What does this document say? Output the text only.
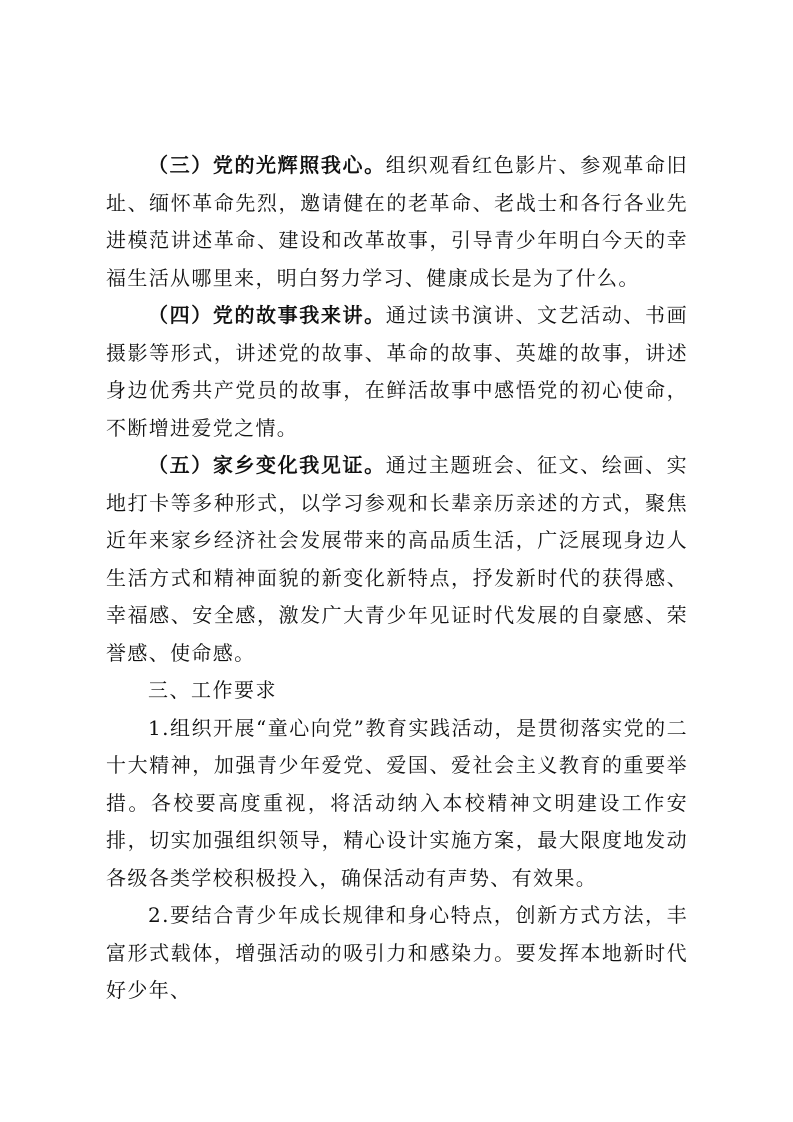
（三）党的光辉照我心。组织观看红色影片、参观革命旧址、缅怀革命先烈，邀请健在的老革命、老战士和各行各业先进模范讲述革命、建设和改革故事，引导青少年明白今天的幸福生活从哪里来，明白努力学习、健康成长是为了什么。

（四）党的故事我来讲。通过读书演讲、文艺活动、书画摄影等形式，讲述党的故事、革命的故事、英雄的故事，讲述身边优秀共产党员的故事，在鲜活故事中感悟党的初心使命，不断增进爱党之情。

（五）家乡变化我见证。通过主题班会、征文、绘画、实地打卡等多种形式，以学习参观和长辈亲历亲述的方式，聚焦近年来家乡经济社会发展带来的高品质生活，广泛展现身边人生活方式和精神面貌的新变化新特点，抒发新时代的获得感、幸福感、安全感，激发广大青少年见证时代发展的自豪感、荣誉感、使命感。

三、工作要求

1.组织开展“童心向党”教育实践活动，是贯彻落实党的二十大精神，加强青少年爱党、爱国、爱社会主义教育的重要举措。各校要高度重视，将活动纳入本校精神文明建设工作安排，切实加强组织领导，精心设计实施方案，最大限度地发动各级各类学校积极投入，确保活动有声势、有效果。

2.要结合青少年成长规律和身心特点，创新方式方法，丰富形式载体，增强活动的吸引力和感染力。要发挥本地新时代好少年、
